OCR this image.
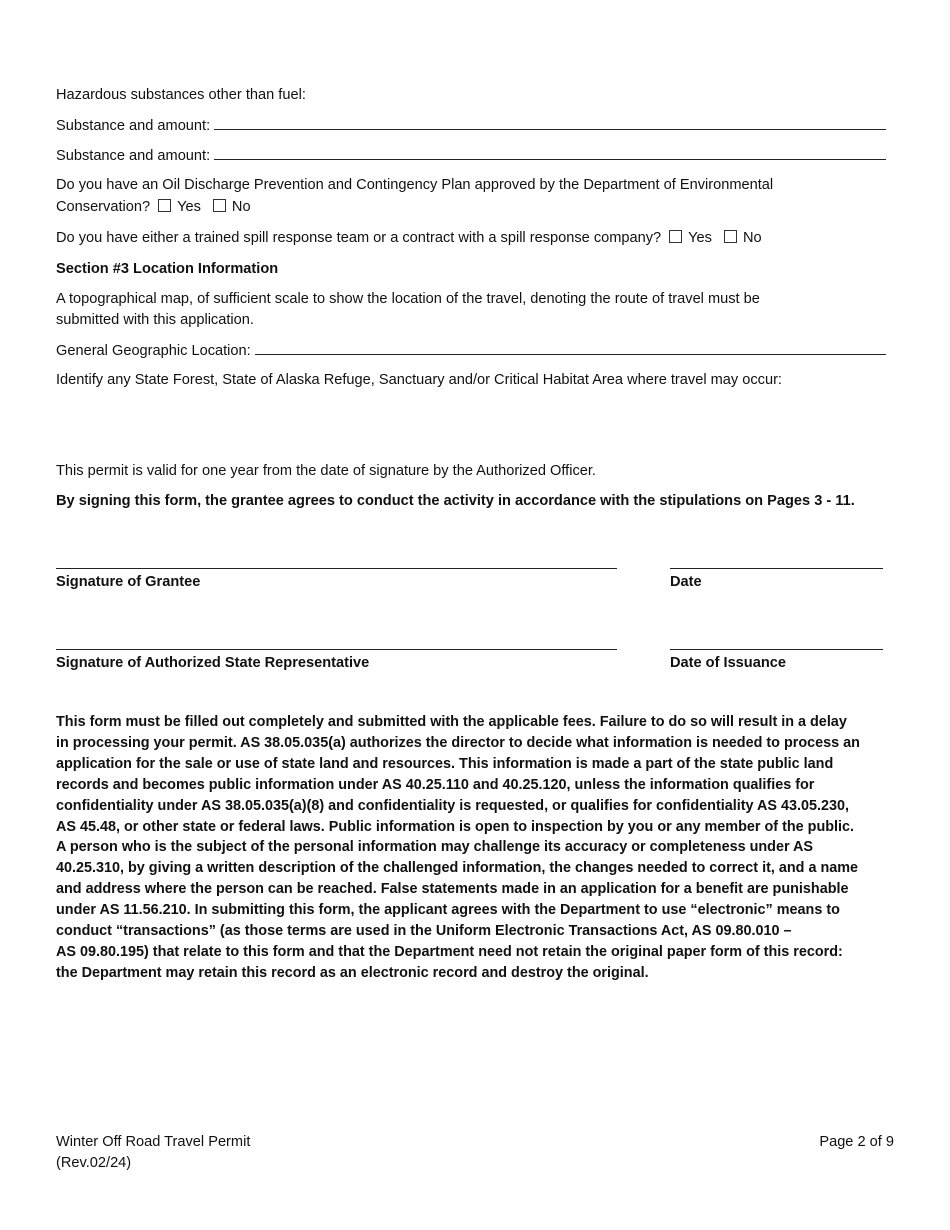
Hazardous substances other than fuel:
Substance and amount:
Substance and amount:
Do you have an Oil Discharge Prevention and Contingency Plan approved by the Department of Environmental
Conservation? Yes No
Do you have either a trained spill response team or a contract with a spill response company? Yes No
Section #3 Location Information
A topographical map, of sufficient scale to show the location of the travel, denoting the route of travel must be
submitted with this application.
General Geographic Location:
Identify any State Forest, State of Alaska Refuge, Sanctuary and/or Critical Habitat Area where travel may occur:
This permit is valid for one year from the date of signature by the Authorized Officer.
By signing this form, the grantee agrees to conduct the activity in accordance with the stipulations on Pages 3 - 11.
Signature of Grantee	Date
Signature of Authorized State Representative	Date of Issuance
This form must be filled out completely and submitted with the applicable fees. Failure to do so will result in a delay
in processing your permit. AS 38.05.035(a) authorizes the director to decide what information is needed to process an
application for the sale or use of state land and resources. This information is made a part of the state public land
records and becomes public information under AS 40.25.110 and 40.25.120, unless the information qualifies for
confidentiality under AS 38.05.035(a)(8) and confidentiality is requested, or qualifies for confidentiality AS 43.05.230,
AS 45.48, or other state or federal laws. Public information is open to inspection by you or any member of the public.
A person who is the subject of the personal information may challenge its accuracy or completeness under AS
40.25.310, by giving a written description of the challenged information, the changes needed to correct it, and a name
and address where the person can be reached. False statements made in an application for a benefit are punishable
under AS 11.56.210. In submitting this form, the applicant agrees with the Department to use “electronic” means to
conduct “transactions” (as those terms are used in the Uniform Electronic Transactions Act, AS 09.80.010 –
AS 09.80.195) that relate to this form and that the Department need not retain the original paper form of this record:
the Department may retain this record as an electronic record and destroy the original.
Winter Off Road Travel Permit
(Rev.02/24)
Page 2 of 9
